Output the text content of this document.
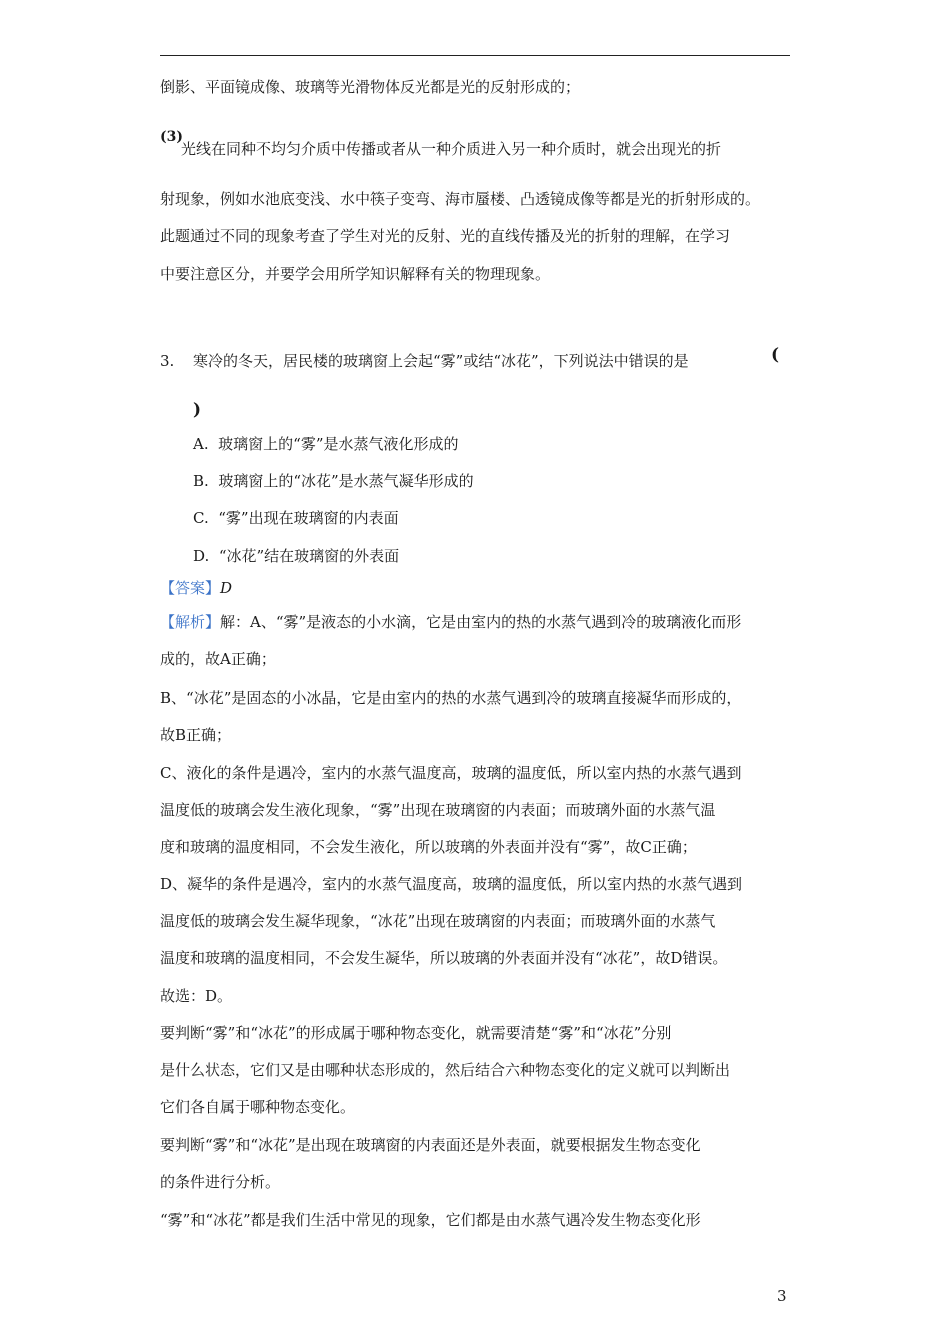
倒影、平面镜成像、玻璃等光滑物体反光都是光的反射形成的；
(3)
光线在同种不均匀介质中传播或者从一种介质进入另一种介质时，就会出现光的折
射现象，例如水池底变浅、水中筷子变弯、海市蜃楼、凸透镜成像等都是光的折射形成的。
此题通过不同的现象考查了学生对光的反射、光的直线传播及光的折射的理解，在学习
中要注意区分，并要学会用所学知识解释有关的物理现象。
3. 寒冷的冬天，居民楼的玻璃窗上会起“雾”或结“冰花”，下列说法中错误的是	(
)
A. 玻璃窗上的“雾”是水蒸气液化形成的
B. 玻璃窗上的“冰花”是水蒸气凝华形成的
C. “雾”出现在玻璃窗的内表面
D. “冰花”结在玻璃窗的外表面
【答案】D
【解析】解：A、“雾”是液态的小水滴，它是由室内的热的水蒸气遇到冷的玻璃液化而形
成的，故A正确；
B、“冰花”是固态的小冰晶，它是由室内的热的水蒸气遇到冷的玻璃直接凝华而形成的，
故B正确；
C、液化的条件是遇冷，室内的水蒸气温度高，玻璃的温度低，所以室内热的水蒸气遇到
温度低的玻璃会发生液化现象，“雾”出现在玻璃窗的内表面；而玻璃外面的水蒸气温
度和玻璃的温度相同，不会发生液化，所以玻璃的外表面并没有“雾”，故C正确；
D、凝华的条件是遇冷，室内的水蒸气温度高，玻璃的温度低，所以室内热的水蒸气遇到
温度低的玻璃会发生凝华现象，“冰花”出现在玻璃窗的内表面；而玻璃外面的水蒸气
温度和玻璃的温度相同，不会发生凝华，所以玻璃的外表面并没有“冰花”，故D错误。
故选：D。
要判断“雾”和“冰花”的形成属于哪种物态变化，就需要清楚“雾”和“冰花”分别
是什么状态，它们又是由哪种状态形成的，然后结合六种物态变化的定义就可以判断出
它们各自属于哪种物态变化。
要判断“雾”和“冰花”是出现在玻璃窗的内表面还是外表面，就要根据发生物态变化
的条件进行分析。
“雾”和“冰花”都是我们生活中常见的现象，它们都是由水蒸气遇冷发生物态变化形
3
